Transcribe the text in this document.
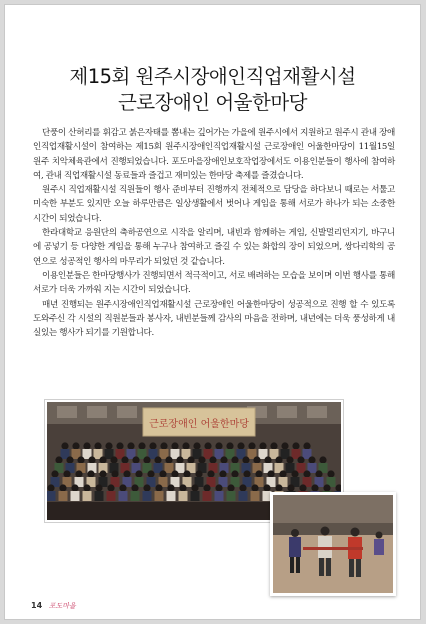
제15회 원주시장애인직업재활시설
근로장애인 어울한마당

단풍이 산허리를 휘감고 붉은자태를 뽐내는 깊어가는 가을에 원주시에서 지원하고 원주시 관내 장애인직업재활시설이 참여하는 제15회 원주시장애인직업재활시설 근로장애인 어울한마당이 11월15일 원주 치악체육관에서 진행되었습니다. 포도마을장애인보호작업장에서도 이용인분들이 행사에 참여하여, 관내 직업재활시설 동료들과 즐겁고 재미있는 한마당 축제를 즐겼습니다.

원주시 직업재활시설 직원들이 행사 준비부터 진행까지 전체적으로 담당을 하다보니 때로는 서툴고 미숙한 부분도 있지만 오늘 하루만큼은 일상생활에서 벗어나 게임을 통해 서로가 하나가 되는 소중한 시간이 되었습니다.

한라대학교 응원단의 축하공연으로 시작을 알리며, 내빈과 함께하는 게임, 신발멀리던지기, 바구니에 공넣기 등 다양한 게임을 통해 누구나 참여하고 즐길 수 있는 화합의 장이 되었으며, 쌍다리학의 공연으로 성공적인 행사의 마무리가 되었던 것 같습니다.

이용인분들은 한마당행사가 진행되면서 적극적이고, 서로 배려하는 모습을 보이며 이번 행사를 통해 서로가 더욱 가까워 지는 시간이 되었습니다.

매년 진행되는 원주시장애인직업재활시설 근로장애인 어울한마당이 성공적으로 진행 할 수 있도록 도와주신 각 시설의 직원분들과 봉사자, 내빈분들께 감사의 마음을 전하며, 내년에는 더욱 풍성하게 내실있는 행사가 되기를 기원합니다.

근로장애인 어울한마당
14 포도마을
